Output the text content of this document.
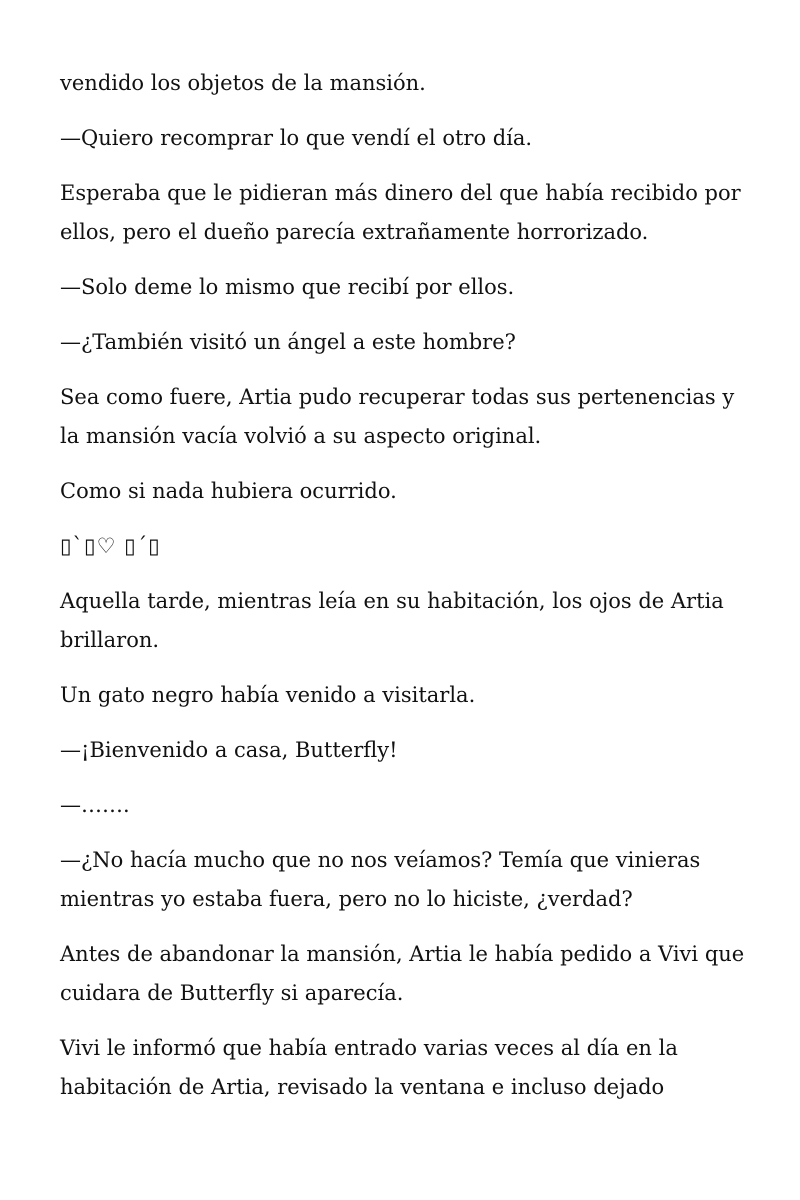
vendido los objetos de la mansión.

—Quiero recomprar lo que vendí el otro día.

Esperaba que le pidieran más dinero del que había recibido por ellos, pero el dueño parecía extrañamente horrorizado.

—Solo deme lo mismo que recibí por ellos.

—¿También visitó un ángel a este hombre?

Sea como fuere, Artia pudo recuperar todas sus pertenencias y la mansión vacía volvió a su aspecto original.

Como si nada hubiera ocurrido.

▯`▯♡ ▯´▯

Aquella tarde, mientras leía en su habitación, los ojos de Artia brillaron.

Un gato negro había venido a visitarla.

—¡Bienvenido a casa, Butterfly!

—…….

—¿No hacía mucho que no nos veíamos? Temía que vinieras mientras yo estaba fuera, pero no lo hiciste, ¿verdad?

Antes de abandonar la mansión, Artia le había pedido a Vivi que cuidara de Butterfly si aparecía.

Vivi le informó que había entrado varias veces al día en la habitación de Artia, revisado la ventana e incluso dejado
